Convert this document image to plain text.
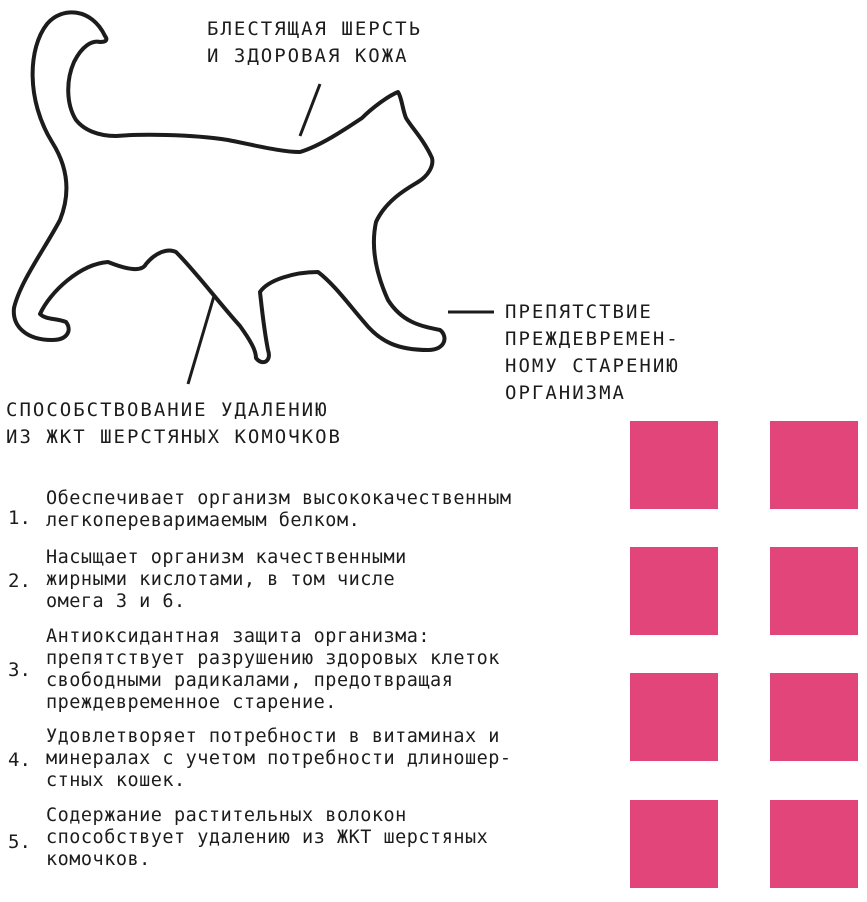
БЛЕСТЯЩАЯ ШЕРСТЬ
И ЗДОРОВАЯ КОЖА

ПРЕПЯТСТВИЕ
ПРЕЖДЕВРЕМЕН-
НОМУ СТАРЕНИЮ
ОРГАНИЗМА

СПОСОБСТВОВАНИЕ УДАЛЕНИЮ
ИЗ ЖКТ ШЕРСТЯНЫХ КОМОЧКОВ

1.

Обеспечивает организм высококачественным
легкопереваримаемым белком.

2.

Насыщает организм качественными
жирными кислотами, в том числе
омега 3 и 6.

3.

Антиоксидантная защита организма:
препятствует разрушению здоровых клеток
свободными радикалами, предотвращая
преждевременное старение.

4.

Удовлетворяет потребности в витаминах и
минералах с учетом потребности длиношер-
стных кошек.

5.

Содержание растительных волокон
способствует удалению из ЖКТ шерстяных
комочков.
